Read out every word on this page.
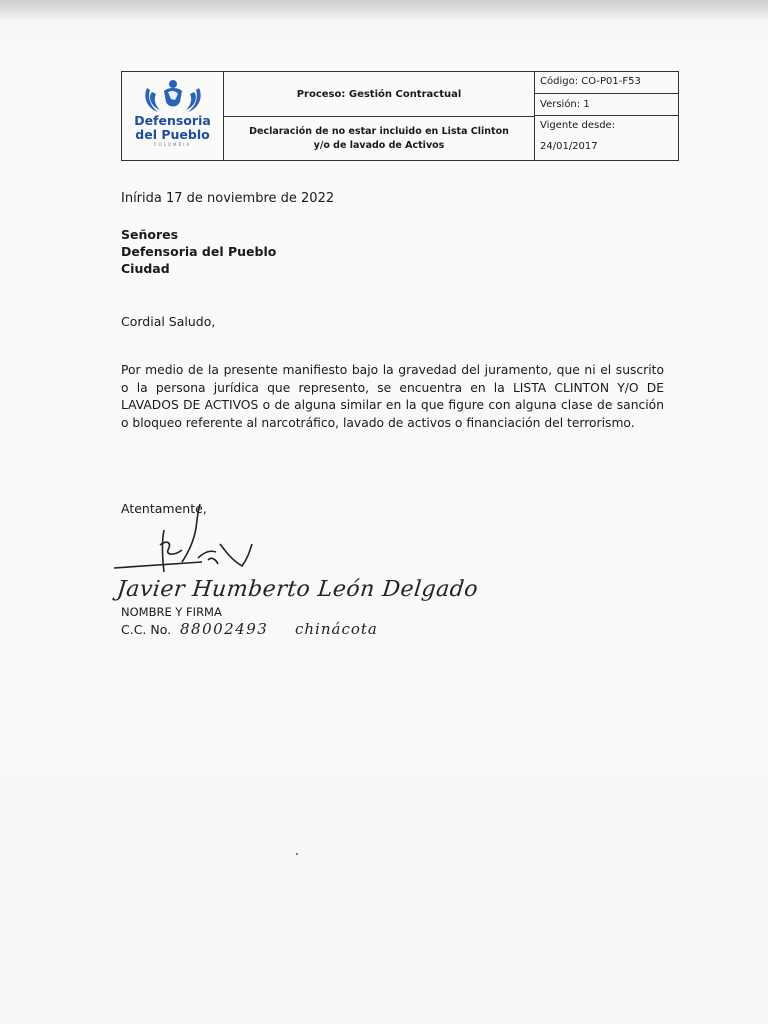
Defensoria
del Pueblo
COLOMBIA
Proceso: Gestión Contractual
Declaración de no estar incluido en Lista Clinton y/o de lavado de Activos
Código: CO-P01-F53
Versión: 1
Vigente desde:
24/01/2017
Inírida 17 de noviembre de 2022
Señores
Defensoria del Pueblo
Ciudad
Cordial Saludo,
Por medio de la presente manifiesto bajo la gravedad del juramento, que ni el suscrito o la persona jurídica que represento, se encuentra en la LISTA CLINTON Y/O DE LAVADOS DE ACTIVOS o de alguna similar en la que figure con alguna clase de sanción o bloqueo referente al narcotráfico, lavado de activos o financiación del terrorismo.
Atentamente,
Javier Humberto León Delgado
NOMBRE Y FIRMA
C.C. No. 88002493 chinácota
